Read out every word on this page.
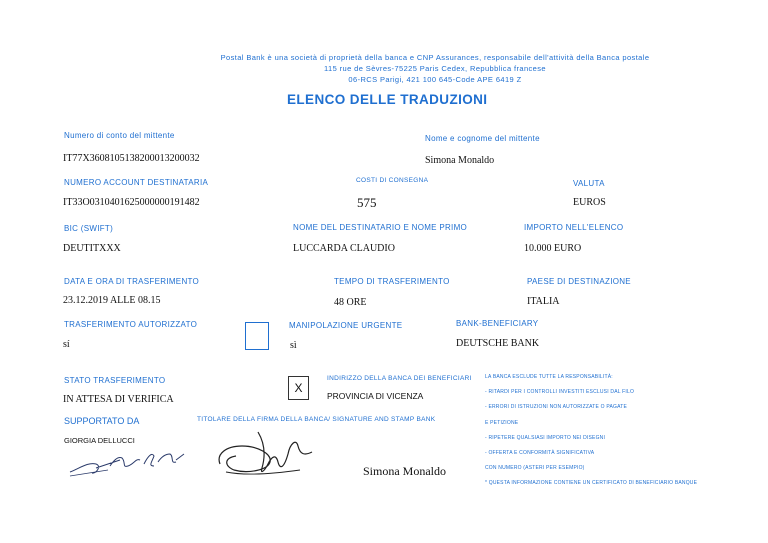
Postal Bank è una società di proprietà della banca e CNP Assurances, responsabile dell'attività della Banca postale
115 rue de Sèvres-75225 Paris Cedex, Repubblica francese
06-RCS Parigi, 421 100 645-Code APE 6419 Z
ELENCO DELLE TRADUZIONI
Numero di conto del mittente
IT77X3608105138200013200032
Nome e cognome del mittente
Simona Monaldo
NUMERO ACCOUNT DESTINATARIA
IT33O0310401625000000191482
COSTI DI CONSEGNA
575
VALUTA
EUROS
BIC (SWIFT)
DEUTITXXX
NOME DEL DESTINATARIO E NOME PRIMO
LUCCARDA CLAUDIO
IMPORTO NELL'ELENCO
10.000 EURO
DATA E ORA DI TRASFERIMENTO
23.12.2019 ALLE 08.15
TEMPO DI TRASFERIMENTO
48 ORE
PAESE DI DESTINAZIONE
ITALIA
TRASFERIMENTO AUTORIZZATO
sí
MANIPOLAZIONE URGENTE
sì
BANK-BENEFICIARY
DEUTSCHE BANK
STATO TRASFERIMENTO
IN ATTESA DI VERIFICA
X
INDIRIZZO DELLA BANCA DEI BENEFICIARI
PROVINCIA DI VICENZA
LA BANCA ESCLUDE TUTTE LA RESPONSABILITÀ:
- RITARDI PER I CONTROLLI INVESTITI ESCLUSI DAL FILO
- ERRORI DI ISTRUZIONI NON AUTORIZZATE O PAGATE
E PETIZIONE
- RIPETERE QUALSIASI IMPORTO NEI DISEGNI
- OFFERTA E CONFORMITÀ SIGNIFICATIVA
CON NUMERO (ASTERI PER ESEMPIO)
* QUESTA INFORMAZIONE CONTIENE UN CERTIFICATO DI BENEFICIARIO BANQUE
SUPPORTATO DA
GIORGIA DELLUCCI
TITOLARE DELLA FIRMA DELLA BANCA/ SIGNATURE AND STAMP BANK
Simona Monaldo
